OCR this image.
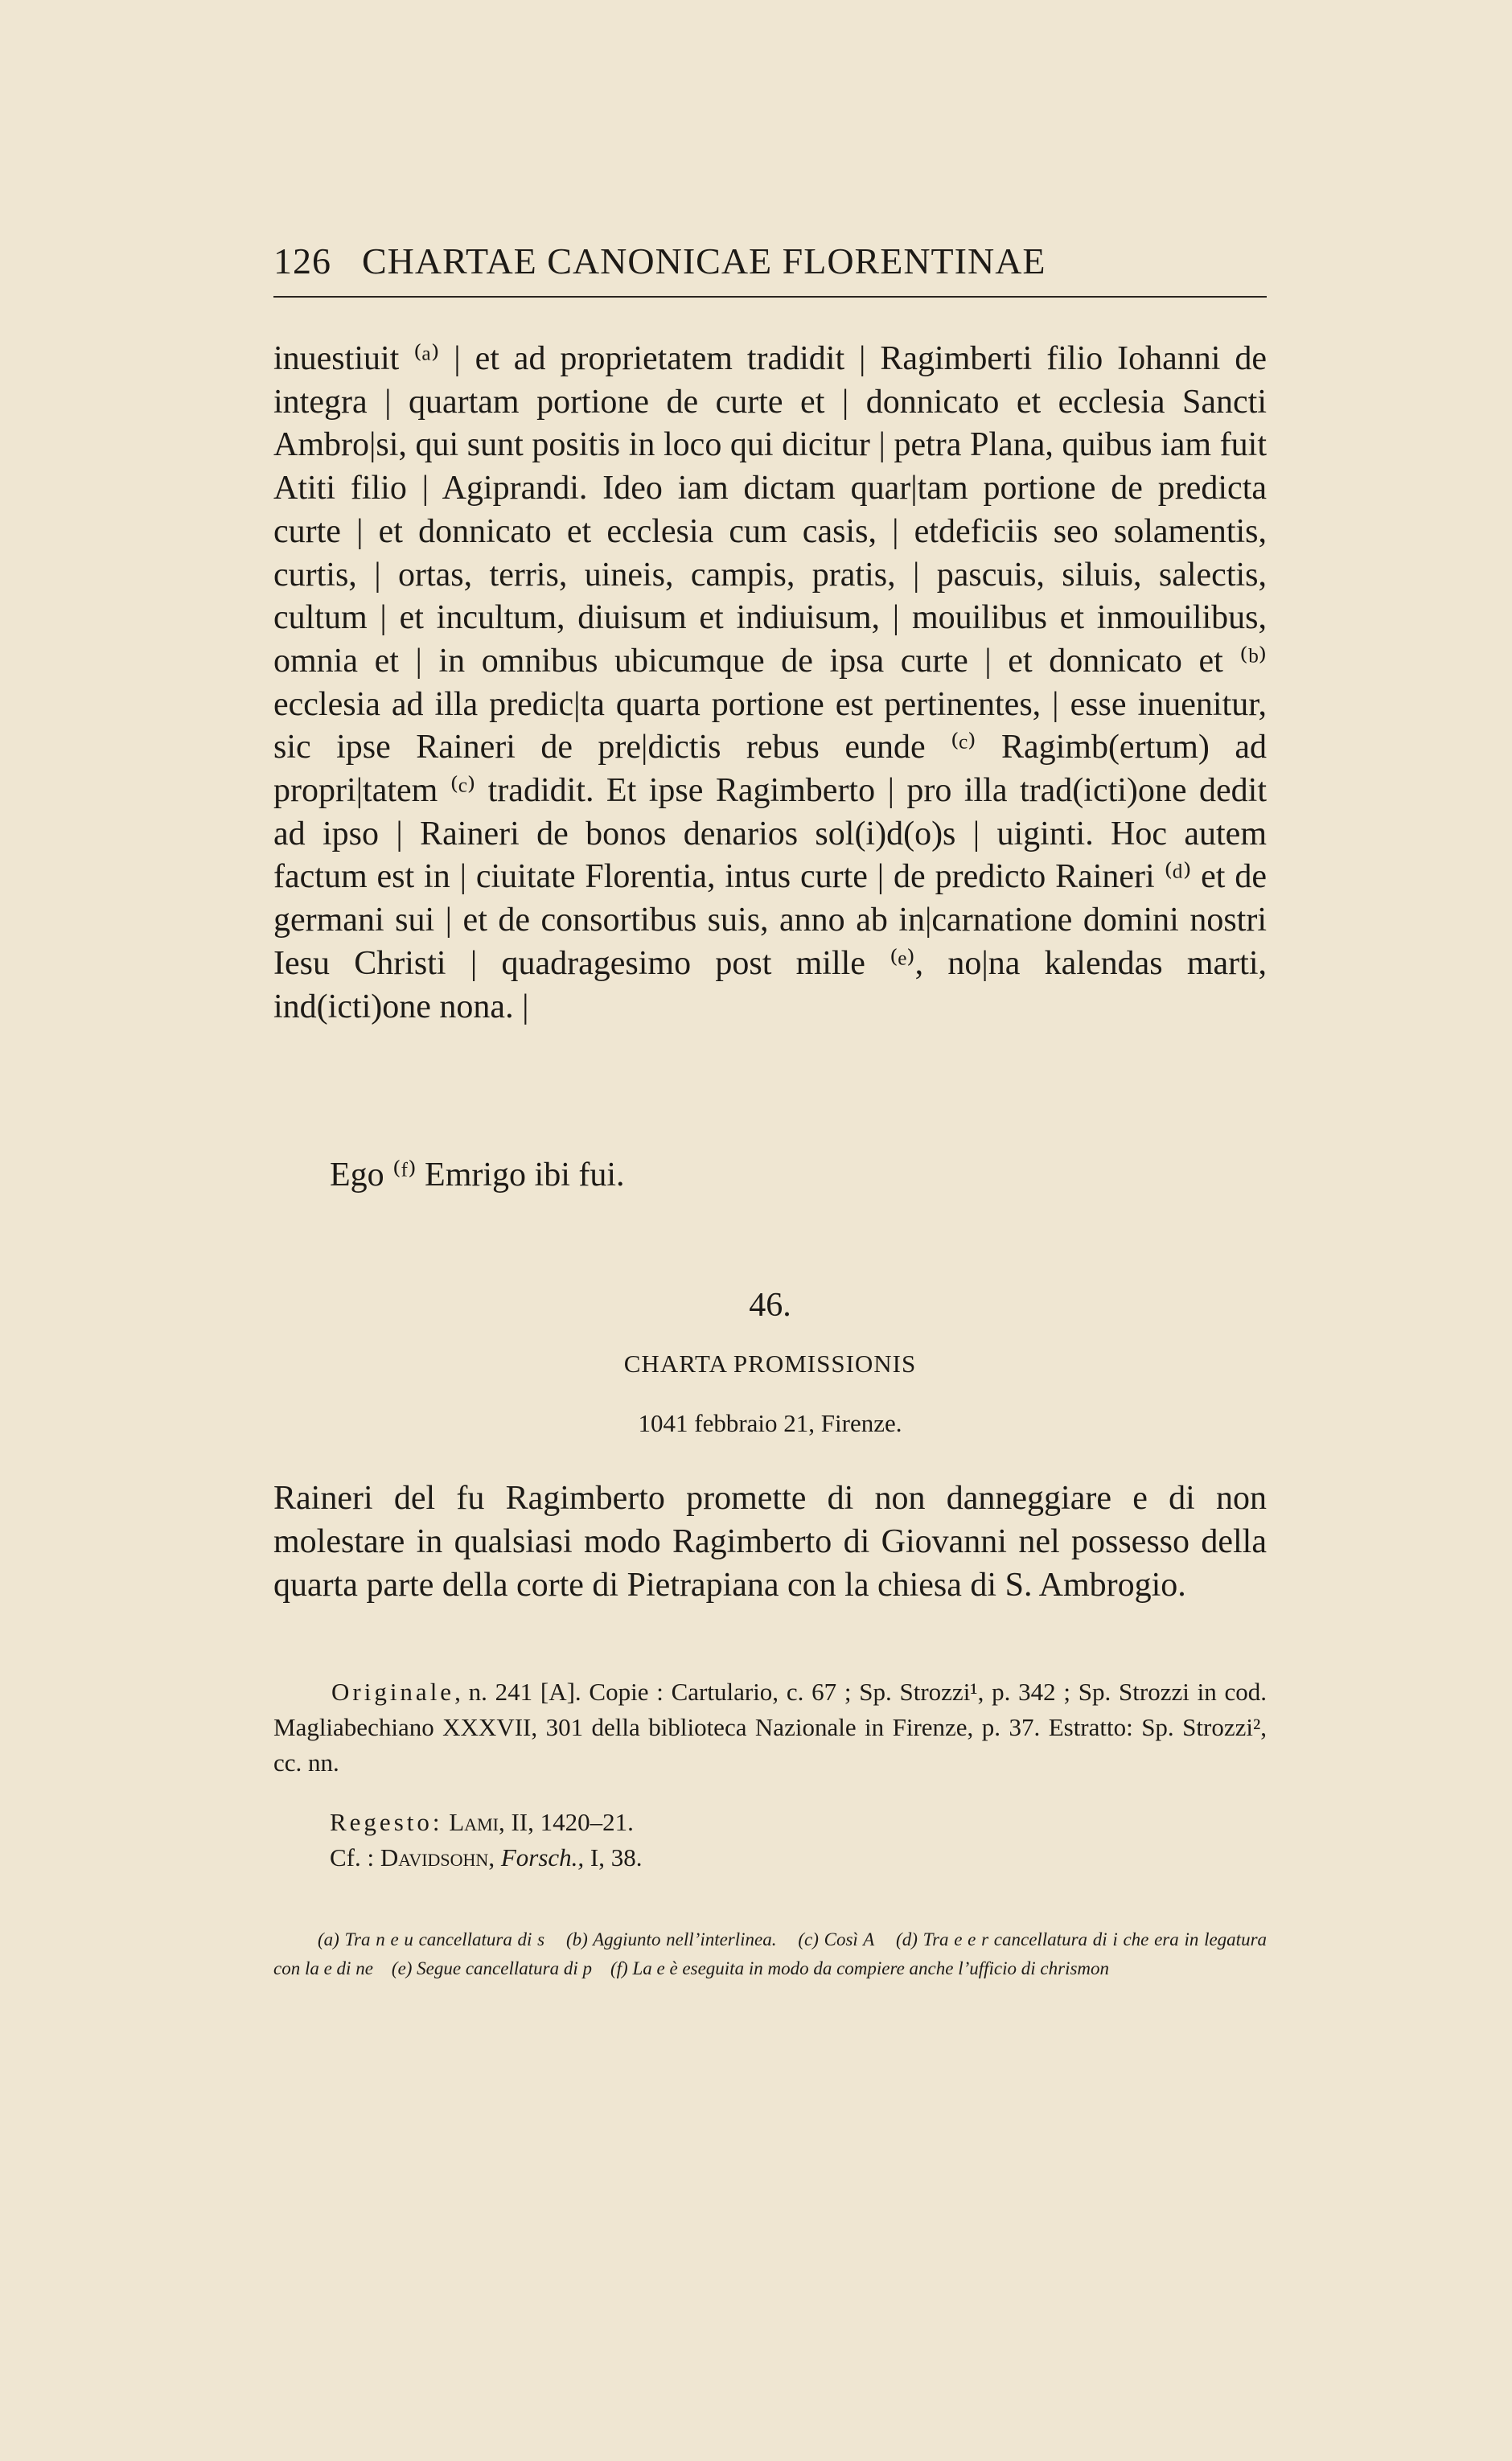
126 CHARTAE CANONICAE FLORENTINAE
inuestiuit ⁽ᵃ⁾ | et ad proprietatem tradidit | Ragimberti filio Iohanni de integra | quartam portione de curte et | donnicato et ecclesia Sancti Ambro|si, qui sunt positis in loco qui dicitur | petra Plana, quibus iam fuit Atiti filio | Agiprandi. Ideo iam dictam quar|tam portione de predicta curte | et donnicato et ecclesia cum casis, | etdeficiis seo solamentis, curtis, | ortas, terris, uineis, campis, pratis, | pascuis, siluis, salectis, cultum | et incultum, diuisum et indiuisum, | mouilibus et inmouilibus, omnia et | in omnibus ubicumque de ipsa curte | et donnicato et ⁽ᵇ⁾ ecclesia ad illa predic|ta quarta portione est pertinentes, | esse inuenitur, sic ipse Raineri de pre|dictis rebus eunde ⁽ᶜ⁾ Ragimb(ertum) ad propri|tatem ⁽ᶜ⁾ tradidit. Et ipse Ragimberto | pro illa trad(icti)one dedit ad ipso | Raineri de bonos denarios sol(i)d(o)s | uiginti. Hoc autem factum est in | ciuitate Florentia, intus curte | de predicto Raineri ⁽ᵈ⁾ et de germani sui | et de consortibus suis, anno ab in|carnatione domini nostri Iesu Christi | quadragesimo post mille ⁽ᵉ⁾, no|na kalendas marti, ind(icti)one nona. |
Ego ⁽ᶠ⁾ Emrigo ibi fui.
46.
CHARTA PROMISSIONIS
1041 febbraio 21, Firenze.
Raineri del fu Ragimberto promette di non danneggiare e di non molestare in qualsiasi modo Ragimberto di Giovanni nel possesso della quarta parte della corte di Pietrapiana con la chiesa di S. Ambrogio.

Originale, n. 241 [A]. Copie : Cartulario, c. 67 ; Sp. Strozzi¹, p. 342 ; Sp. Strozzi in cod. Magliabechiano XXXVII, 301 della biblioteca Nazionale in Firenze, p. 37. Estratto: Sp. Strozzi², cc. nn.

Regesto: Lami, II, 1420–21.

Cf. : Davidsohn, Forsch., I, 38.

(a) Tra n e u cancellatura di s (b) Aggiunto nell’interlinea. (c) Così A (d) Tra e e r cancellatura di i che era in legatura con la e di ne (e) Segue cancellatura di p (f) La e è eseguita in modo da compiere anche l’ufficio di chrismon
